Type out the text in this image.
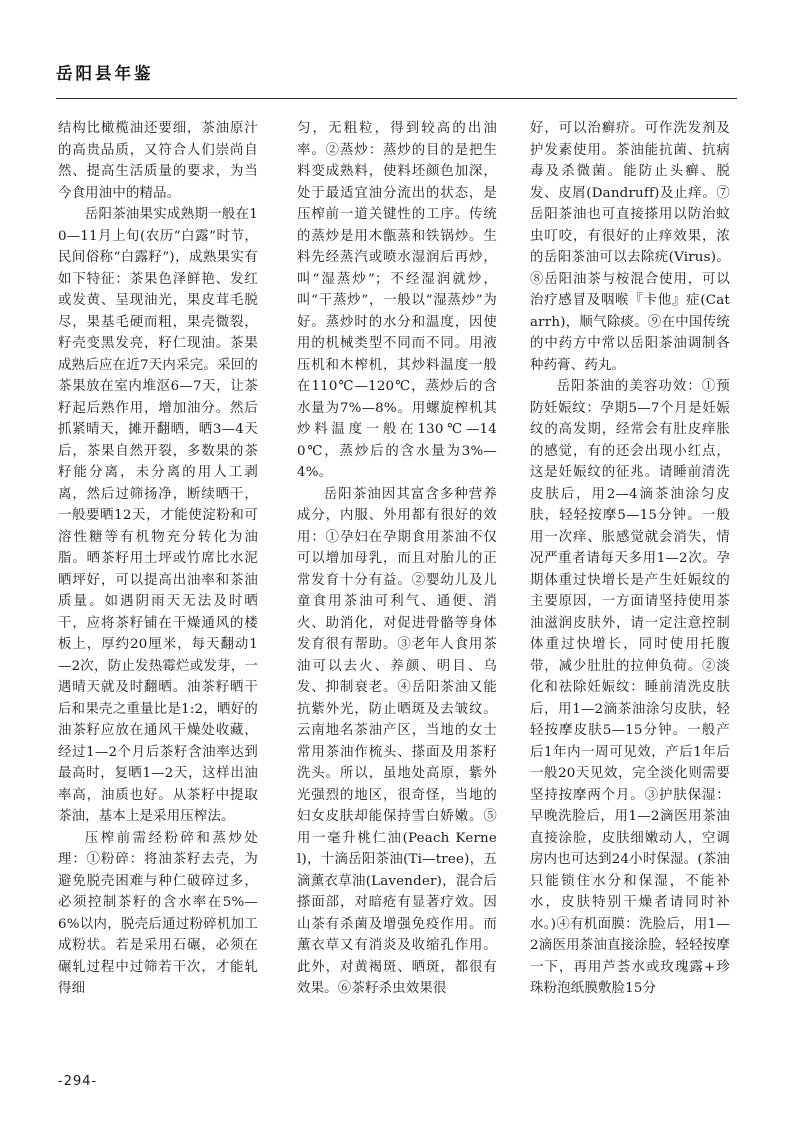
岳阳县年鉴

结构比橄榄油还要细，茶油原汁的高贵品质，又符合人们崇尚自然、提高生活质量的要求，为当今食用油中的精品。

岳阳茶油果实成熟期一般在10—11月上旬(农历“白露”时节，民间俗称“白露籽”)，成熟果实有如下特征：茶果色泽鲜艳、发红或发黄、呈现油光，果皮茸毛脱尽，果基毛硬而粗，果壳微裂，籽壳变黑发亮，籽仁现油。茶果成熟后应在近7天内采完。采回的茶果放在室内堆沤6—7天，让茶籽起后熟作用，增加油分。然后抓紧晴天，摊开翻晒，晒3—4天后，茶果自然开裂，多数果的茶籽能分离，未分离的用人工剥离，然后过筛扬净，断续晒干，一般要晒12天，才能使淀粉和可溶性糖等有机物充分转化为油脂。晒茶籽用土坪或竹席比水泥晒坪好，可以提高出油率和茶油质量。如遇阴雨天无法及时晒干，应将茶籽铺在干燥通风的楼板上，厚约20厘米，每天翻动1—2次，防止发热霉烂或发芽，一遇晴天就及时翻晒。油茶籽晒干后和果壳之重量比是1:2，晒好的油茶籽应放在通风干燥处收藏，经过1—2个月后茶籽含油率达到最高时，复晒1—2天，这样出油率高，油质也好。从茶籽中提取茶油，基本上是采用压榨法。

压榨前需经粉碎和蒸炒处理：①粉碎：将油茶籽去壳，为避免脱壳困难与种仁破碎过多，必须控制茶籽的含水率在5%—6%以内，脱壳后通过粉碎机加工成粉状。若是采用石碾，必须在碾轧过程中过筛若干次，才能轧得细

匀，无粗粒，得到较高的出油率。②蒸炒：蒸炒的目的是把生料变成熟料，使料坯颜色加深，处于最适宜油分流出的状态，是压榨前一道关键性的工序。传统的蒸炒是用木甑蒸和铁锅炒。生料先经蒸汽或喷水湿润后再炒，叫“湿蒸炒”；不经湿润就炒，叫“干蒸炒”，一般以“湿蒸炒”为好。蒸炒时的水分和温度，因使用的机械类型不同而不同。用液压机和木榨机，其炒料温度一般在110℃—120℃，蒸炒后的含水量为7%—8%。用螺旋榨机其炒料温度一般在130℃—140℃，蒸炒后的含水量为3%—4%。

岳阳茶油因其富含多种营养成分，内服、外用都有很好的效用：①孕妇在孕期食用茶油不仅可以增加母乳，而且对胎儿的正常发育十分有益。②婴幼儿及儿童食用茶油可利气、通便、消火、助消化，对促进骨骼等身体发育很有帮助。③老年人食用茶油可以去火、养颜、明目、乌发、抑制衰老。④岳阳茶油又能抗紫外光，防止晒斑及去皱纹。云南地名茶油产区，当地的女士常用茶油作梳头、搽面及用茶籽洗头。所以，虽地处高原，紫外光强烈的地区，很奇怪，当地的妇女皮肤却能保持雪白娇嫩。⑤用一毫升桃仁油(Peach Kernel)，十滴岳阳茶油(Ti—tree)，五滴薰衣草油(Lavender)，混合后搽面部，对暗疮有显著疗效。因山茶有杀菌及增强免疫作用。而薰衣草又有消炎及收缩孔作用。此外，对黄褐斑、晒斑，都很有效果。⑥茶籽杀虫效果很

好，可以治癣疥。可作洗发剂及护发素使用。茶油能抗菌、抗病毒及杀微菌。能防止头癣、脱发、皮屑(Dandruff)及止痒。⑦岳阳茶油也可直接搽用以防治蚊虫叮咬，有很好的止痒效果，浓的岳阳茶油可以去除疣(Virus)。⑧岳阳油茶与桉混合使用，可以治疗感冒及咽喉『卡他』症(Catarrh)，顺气除痰。⑨在中国传统的中药方中常以岳阳茶油调制各种药膏、药丸。

岳阳茶油的美容功效：①预防妊娠纹：孕期5—7个月是妊娠纹的高发期，经常会有肚皮痒胀的感觉，有的还会出现小红点，这是妊娠纹的征兆。请睡前清洗皮肤后，用2—4滴茶油涂匀皮肤，轻轻按摩5—15分钟。一般用一次痒、胀感觉就会消失，情况严重者请每天多用1—2次。孕期体重过快增长是产生妊娠纹的主要原因，一方面请坚持使用茶油滋润皮肤外，请一定注意控制体重过快增长，同时使用托腹带，减少肚肚的拉伸负荷。②淡化和祛除妊娠纹：睡前清洗皮肤后，用1—2滴茶油涂匀皮肤，轻轻按摩皮肤5—15分钟。一般产后1年内一周可见效，产后1年后一般20天见效，完全淡化则需要坚持按摩两个月。③护肤保湿：早晚洗脸后，用1—2滴医用茶油直接涂脸，皮肤细嫩动人，空调房内也可达到24小时保湿。(茶油只能锁住水分和保湿，不能补水，皮肤特别干燥者请同时补水。)④有机面膜：洗脸后，用1—2滴医用茶油直接涂脸，轻轻按摩一下，再用芦荟水或玫瑰露+珍珠粉泡纸膜敷脸15分

-294-
